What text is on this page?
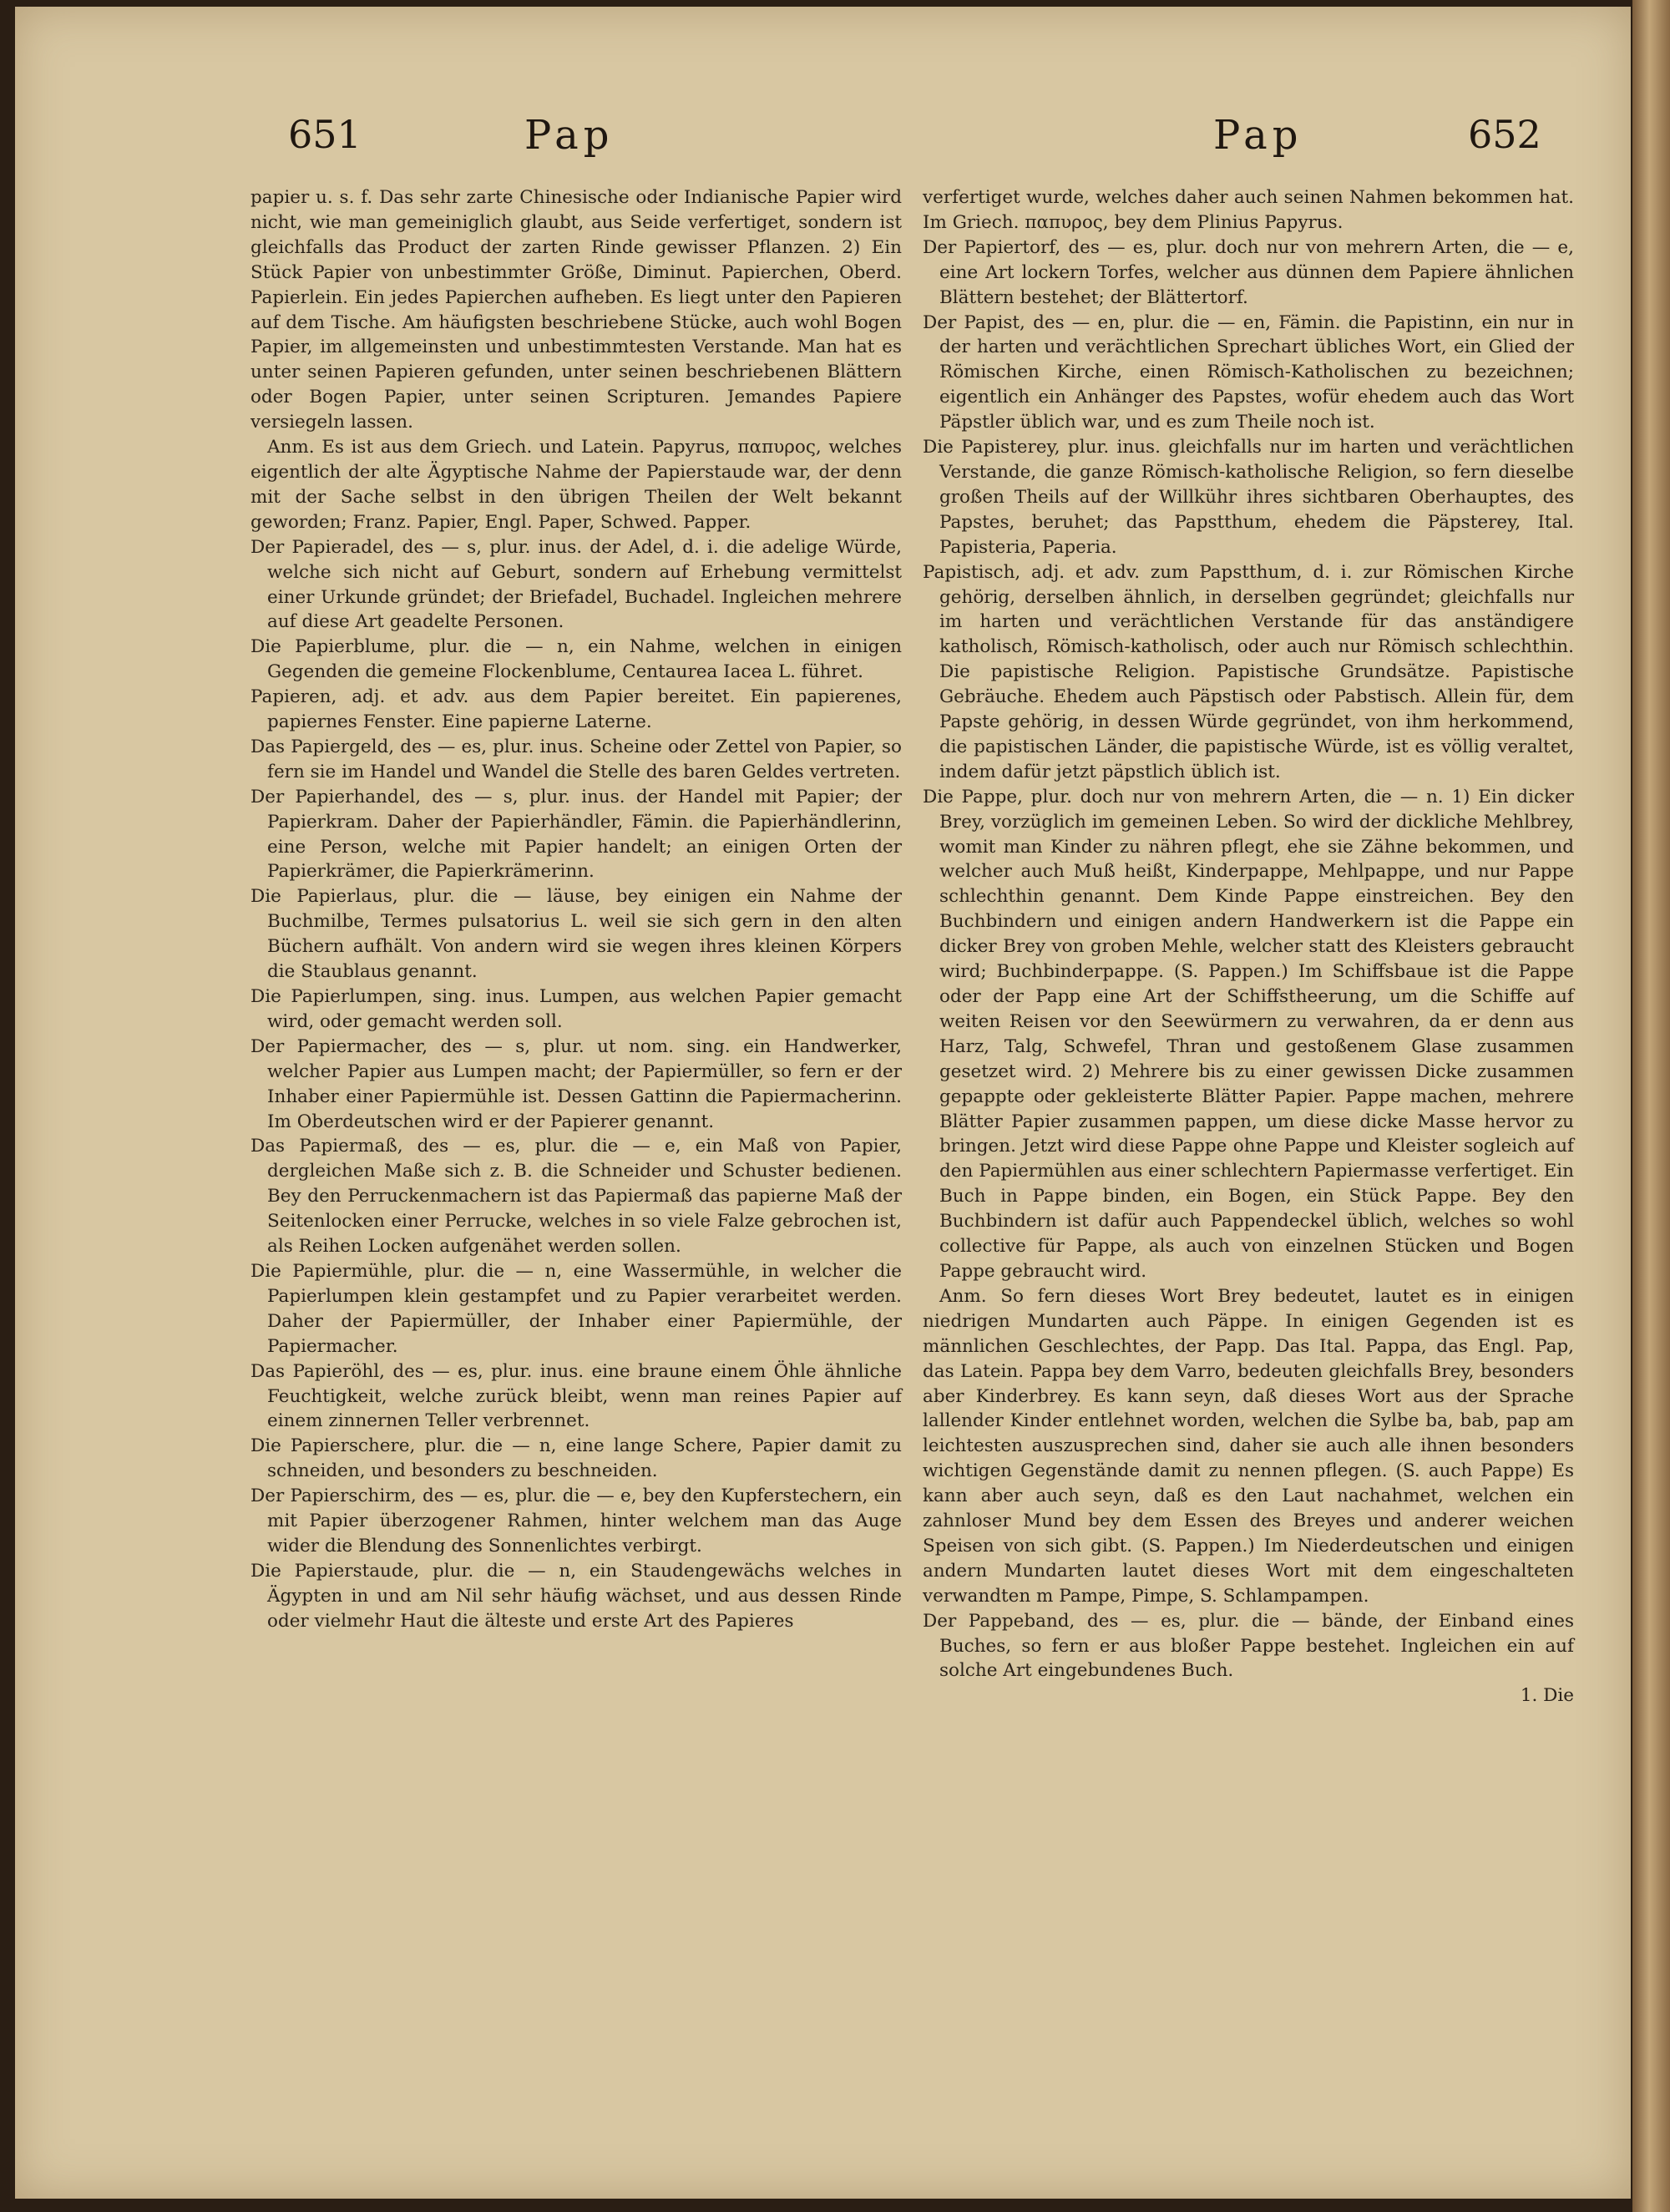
651	Pap	Pap	652

papier u. s. f. Das sehr zarte Chinesische oder Indianische Papier wird nicht, wie man gemeiniglich glaubt, aus Seide verfertiget, sondern ist gleichfalls das Product der zarten Rinde gewisser Pflanzen. 2) Ein Stück Papier von unbestimmter Größe, Diminut. Papierchen, Oberd. Papierlein. Ein jedes Papierchen aufheben. Es liegt unter den Papieren auf dem Tische. Am häufigsten beschriebene Stücke, auch wohl Bogen Papier, im allgemeinsten und unbestimmtesten Verstande. Man hat es unter seinen Papieren gefunden, unter seinen beschriebenen Blättern oder Bogen Papier, unter seinen Scripturen. Jemandes Papiere versiegeln lassen.

Anm. Es ist aus dem Griech. und Latein. Papyrus, παπυρος, welches eigentlich der alte Ägyptische Nahme der Papierstaude war, der denn mit der Sache selbst in den übrigen Theilen der Welt bekannt geworden; Franz. Papier, Engl. Paper, Schwed. Papper.

Der Papieradel, des — s, plur. inus. der Adel, d. i. die adelige Würde, welche sich nicht auf Geburt, sondern auf Erhebung vermittelst einer Urkunde gründet; der Briefadel, Buchadel. Ingleichen mehrere auf diese Art geadelte Personen.

Die Papierblume, plur. die — n, ein Nahme, welchen in einigen Gegenden die gemeine Flockenblume, Centaurea Iacea L. führet.

Papieren, adj. et adv. aus dem Papier bereitet. Ein papierenes, papiernes Fenster. Eine papierne Laterne.

Das Papiergeld, des — es, plur. inus. Scheine oder Zettel von Papier, so fern sie im Handel und Wandel die Stelle des baren Geldes vertreten.

Der Papierhandel, des — s, plur. inus. der Handel mit Papier; der Papierkram. Daher der Papierhändler, Fämin. die Papierhändlerinn, eine Person, welche mit Papier handelt; an einigen Orten der Papierkrämer, die Papierkrämerinn.

Die Papierlaus, plur. die — läuse, bey einigen ein Nahme der Buchmilbe, Termes pulsatorius L. weil sie sich gern in den alten Büchern aufhält. Von andern wird sie wegen ihres kleinen Körpers die Staublaus genannt.

Die Papierlumpen, sing. inus. Lumpen, aus welchen Papier gemacht wird, oder gemacht werden soll.

Der Papiermacher, des — s, plur. ut nom. sing. ein Handwerker, welcher Papier aus Lumpen macht; der Papiermüller, so fern er der Inhaber einer Papiermühle ist. Dessen Gattinn die Papiermacherinn. Im Oberdeutschen wird er der Papierer genannt.

Das Papiermaß, des — es, plur. die — e, ein Maß von Papier, dergleichen Maße sich z. B. die Schneider und Schuster bedienen. Bey den Perruckenmachern ist das Papiermaß das papierne Maß der Seitenlocken einer Perrucke, welches in so viele Falze gebrochen ist, als Reihen Locken aufgenähet werden sollen.

Die Papiermühle, plur. die — n, eine Wassermühle, in welcher die Papierlumpen klein gestampfet und zu Papier verarbeitet werden. Daher der Papiermüller, der Inhaber einer Papiermühle, der Papiermacher.

Das Papieröhl, des — es, plur. inus. eine braune einem Öhle ähnliche Feuchtigkeit, welche zurück bleibt, wenn man reines Papier auf einem zinnernen Teller verbrennet.

Die Papierschere, plur. die — n, eine lange Schere, Papier damit zu schneiden, und besonders zu beschneiden.

Der Papierschirm, des — es, plur. die — e, bey den Kupferstechern, ein mit Papier überzogener Rahmen, hinter welchem man das Auge wider die Blendung des Sonnenlichtes verbirgt.

Die Papierstaude, plur. die — n, ein Staudengewächs welches in Ägypten in und am Nil sehr häufig wächset, und aus dessen Rinde oder vielmehr Haut die älteste und erste Art des Papieres

verfertiget wurde, welches daher auch seinen Nahmen bekommen hat. Im Griech. παπυρος, bey dem Plinius Papyrus.

Der Papiertorf, des — es, plur. doch nur von mehrern Arten, die — e, eine Art lockern Torfes, welcher aus dünnen dem Papiere ähnlichen Blättern bestehet; der Blättertorf.

Der Papist, des — en, plur. die — en, Fämin. die Papistinn, ein nur in der harten und verächtlichen Sprechart übliches Wort, ein Glied der Römischen Kirche, einen Römisch-Katholischen zu bezeichnen; eigentlich ein Anhänger des Papstes, wofür ehedem auch das Wort Päpstler üblich war, und es zum Theile noch ist.

Die Papisterey, plur. inus. gleichfalls nur im harten und verächtlichen Verstande, die ganze Römisch-katholische Religion, so fern dieselbe großen Theils auf der Willkühr ihres sichtbaren Oberhauptes, des Papstes, beruhet; das Papstthum, ehedem die Päpsterey, Ital. Papisteria, Paperia.

Papistisch, adj. et adv. zum Papstthum, d. i. zur Römischen Kirche gehörig, derselben ähnlich, in derselben gegründet; gleichfalls nur im harten und verächtlichen Verstande für das anständigere katholisch, Römisch-katholisch, oder auch nur Römisch schlechthin. Die papistische Religion. Papistische Grundsätze. Papistische Gebräuche. Ehedem auch Päpstisch oder Pabstisch. Allein für, dem Papste gehörig, in dessen Würde gegründet, von ihm herkommend, die papistischen Länder, die papistische Würde, ist es völlig veraltet, indem dafür jetzt päpstlich üblich ist.

Die Pappe, plur. doch nur von mehrern Arten, die — n. 1) Ein dicker Brey, vorzüglich im gemeinen Leben. So wird der dickliche Mehlbrey, womit man Kinder zu nähren pflegt, ehe sie Zähne bekommen, und welcher auch Muß heißt, Kinderpappe, Mehlpappe, und nur Pappe schlechthin genannt. Dem Kinde Pappe einstreichen. Bey den Buchbindern und einigen andern Handwerkern ist die Pappe ein dicker Brey von groben Mehle, welcher statt des Kleisters gebraucht wird; Buchbinderpappe. (S. Pappen.) Im Schiffsbaue ist die Pappe oder der Papp eine Art der Schiffstheerung, um die Schiffe auf weiten Reisen vor den Seewürmern zu verwahren, da er denn aus Harz, Talg, Schwefel, Thran und gestoßenem Glase zusammen gesetzet wird. 2) Mehrere bis zu einer gewissen Dicke zusammen gepappte oder gekleisterte Blätter Papier. Pappe machen, mehrere Blätter Papier zusammen pappen, um diese dicke Masse hervor zu bringen. Jetzt wird diese Pappe ohne Pappe und Kleister sogleich auf den Papiermühlen aus einer schlechtern Papiermasse verfertiget. Ein Buch in Pappe binden, ein Bogen, ein Stück Pappe. Bey den Buchbindern ist dafür auch Pappendeckel üblich, welches so wohl collective für Pappe, als auch von einzelnen Stücken und Bogen Pappe gebraucht wird.

Anm. So fern dieses Wort Brey bedeutet, lautet es in einigen niedrigen Mundarten auch Päppe. In einigen Gegenden ist es männlichen Geschlechtes, der Papp. Das Ital. Pappa, das Engl. Pap, das Latein. Pappa bey dem Varro, bedeuten gleichfalls Brey, besonders aber Kinderbrey. Es kann seyn, daß dieses Wort aus der Sprache lallender Kinder entlehnet worden, welchen die Sylbe ba, bab, pap am leichtesten auszusprechen sind, daher sie auch alle ihnen besonders wichtigen Gegenstände damit zu nennen pflegen. (S. auch Pappe) Es kann aber auch seyn, daß es den Laut nachahmet, welchen ein zahnloser Mund bey dem Essen des Breyes und anderer weichen Speisen von sich gibt. (S. Pappen.) Im Niederdeutschen und einigen andern Mundarten lautet dieses Wort mit dem eingeschalteten verwandten m Pampe, Pimpe, S. Schlampampen.

Der Pappeband, des — es, plur. die — bände, der Einband eines Buches, so fern er aus bloßer Pappe bestehet. Ingleichen ein auf solche Art eingebundenes Buch.

1. Die
